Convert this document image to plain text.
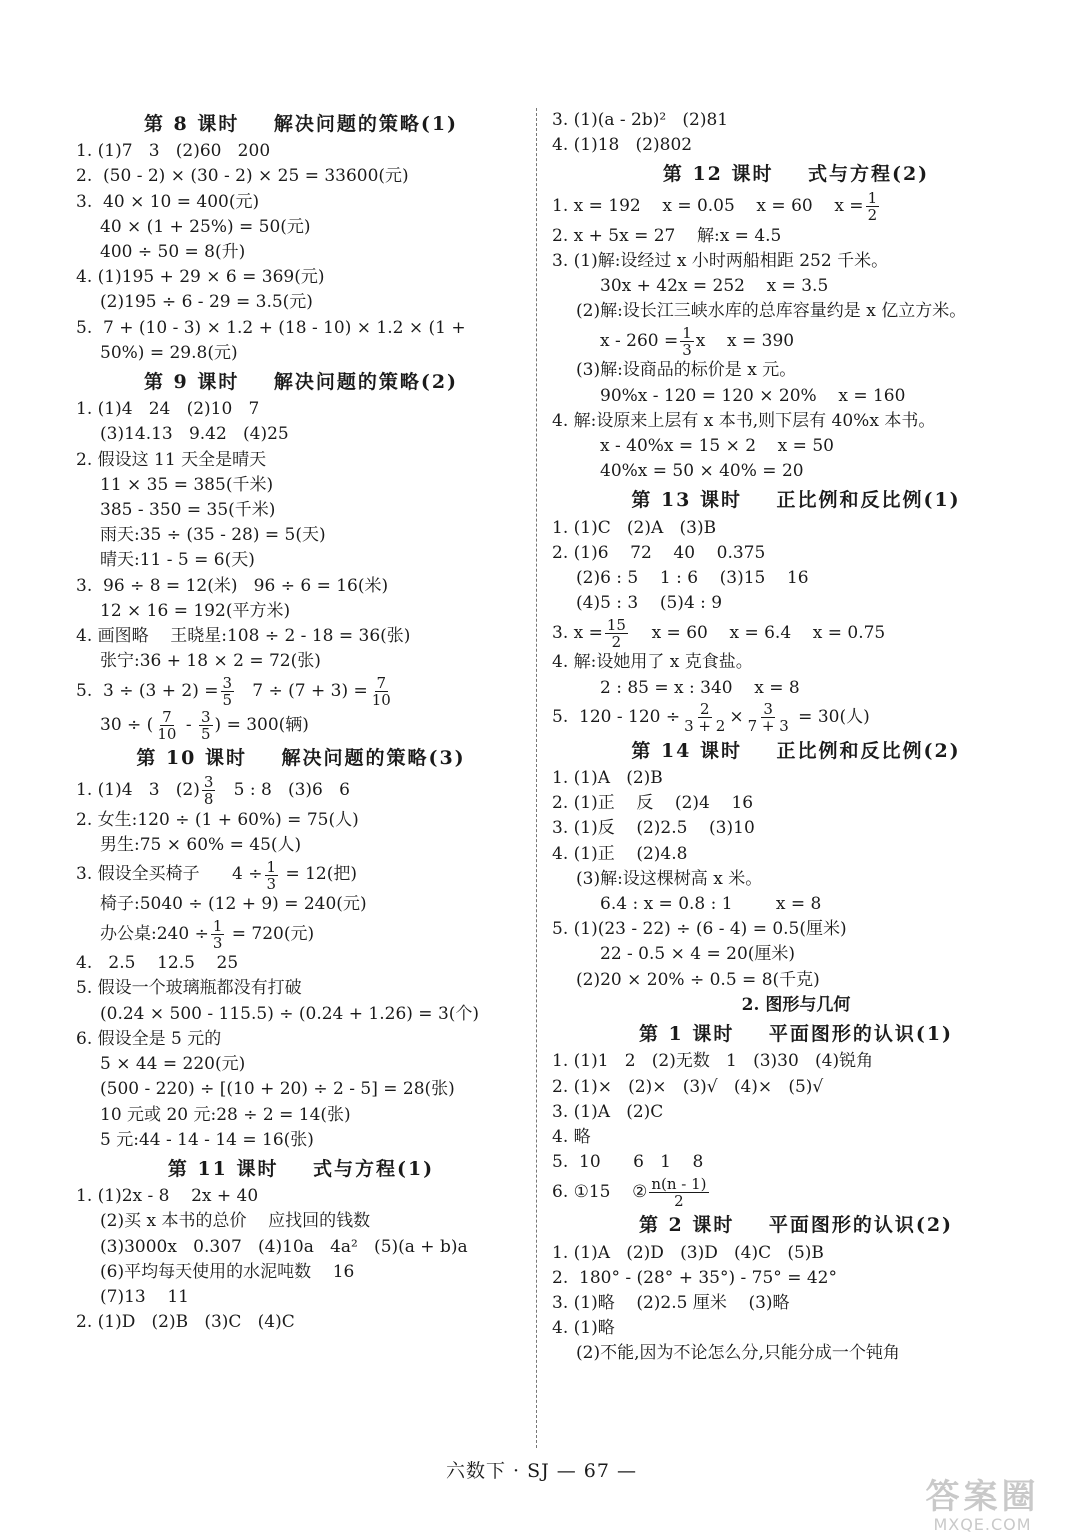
第 8 课时    解决问题的策略(1)
1. (1)7   3   (2)60   200
2.  (50 - 2) × (30 - 2) × 25 = 33600(元)
3.  40 × 10 = 400(元)
40 × (1 + 25%) = 50(元)
400 ÷ 50 = 8(升)
4. (1)195 + 29 × 6 = 369(元)
(2)195 ÷ 6 - 29 = 3.5(元)
5.  7 + (10 - 3) × 1.2 + (18 - 10) × 1.2 × (1 +
50%) = 29.8(元)
第 9 课时    解决问题的策略(2)
1. (1)4   24   (2)10   7
(3)14.13   9.42   (4)25
2. 假设这 11 天全是晴天
11 × 35 = 385(千米)
385 - 350 = 35(千米)
雨天:35 ÷ (35 - 28) = 5(天)
晴天:11 - 5 = 6(天)
3.  96 ÷ 8 = 12(米)   96 ÷ 6 = 16(米)
12 × 16 = 192(平方米)
4. 画图略    王晓星:108 ÷ 2 - 18 = 36(张)
张宁:36 + 18 × 2 = 72(张)
5.  $3 \div (3 + 2) = \frac{3}{5} 7 \div (7 + 3) = \frac{7}{10}$
30 ÷ ( $\frac{7}{10} - \frac{3}{5}$ ) = 300(辆)
第 10 课时    解决问题的策略(3)
1. (1)4   3   $(2) \frac{3}{8} 5$ : 8   (3)6   6
2. 女生:120 ÷ (1 + 60%) = 75(人)
男生:75 × 60% = 45(人)
3. 假设全买椅子      $4 \div \frac{1}{3} = 12$(把)
椅子:5040 ÷ (12 + 9) = 240(元)
办公桌:240 ÷ $\frac{1}{3} = 720$(元)
4.   2.5    12.5    25
5. 假设一个玻璃瓶都没有打破
(0.24 × 500 - 115.5) ÷ (0.24 + 1.26) = 3(个)
6. 假设全是 5 元的
5 × 44 = 220(元)
(500 - 220) ÷ [(10 + 20) ÷ 2 - 5] = 28(张)
10 元或 20 元:28 ÷ 2 = 14(张)
5 元:44 - 14 - 14 = 16(张)
第 11 课时    式与方程(1)
1. (1)2x - 8    2x + 40
(2)买 x 本书的总价    应找回的钱数
(3)3000x   0.307   (4)10a   4a²   (5)(a + b)a
(6)平均每天使用的水泥吨数    16
(7)13    11
2. (1)D   (2)B   (3)C   (4)C
3. (1)(a - 2b)²   (2)81
4. (1)18   (2)802
第 12 课时    式与方程(2)
1. x = 192    x = 0.05    x = 60    $x = \frac{1}{2}$
2. x + 5x = 27    解:x = 4.5
3. (1)解:设经过 x 小时两船相距 252 千米。
30x + 42x = 252    x = 3.5
(2)解:设长江三峡水库的总库容量约是 x 亿立方米。
$x - 260 = \frac{1}{3}$ x    x = 390
(3)解:设商品的标价是 x 元。
90%x - 120 = 120 × 20%    x = 160
4. 解:设原来上层有 x 本书,则下层有 40%x 本书。
x - 40%x = 15 × 2    x = 50
40%x = 50 × 40% = 20
第 13 课时    正比例和反比例(1)
1. (1)C   (2)A   (3)B
2. (1)6    72    40    0.375
(2)6 : 5    1 : 6    (3)15    16
(4)5 : 3    (5)4 : 9
3. $x = \frac{15}{2}$ x = 60    x = 6.4    x = 0.75
4. 解:设她用了 x 克食盐。
2 : 85 = x : 340    x = 8
5.  $120 - 120 \div \frac{2}{3 + 2} \times \frac{3}{7 + 3} = 30$(人)
第 14 课时    正比例和反比例(2)
1. (1)A   (2)B
2. (1)正    反    (2)4    16
3. (1)反    (2)2.5    (3)10
4. (1)正    (2)4.8
(3)解:设这棵树高 x 米。
6.4 : x = 0.8 : 1        x = 8
5. (1)(23 - 22) ÷ (6 - 4) = 0.5(厘米)
22 - 0.5 × 4 = 20(厘米)
(2)20 × 20% ÷ 0.5 = 8(千克)
2. 图形与几何
第 1 课时    平面图形的认识(1)
1. (1)1   2   (2)无数   1   (3)30   (4)锐角
2. (1)×   (2)×   (3)√   (4)×   (5)√
3. (1)A   (2)C
4. 略
5.  10      6   1    8
6. ①15    ② $\frac{n(n - 1)}{2}$
第 2 课时    平面图形的认识(2)
1. (1)A   (2)D   (3)D   (4)C   (5)B
2.  180° - (28° + 35°) - 75° = 42°
3. (1)略    (2)2.5 厘米    (3)略
4. (1)略
(2)不能,因为不论怎么分,只能分成一个钝角
六数下 · SJ — 67 —
答案圈
MXQE.COM
